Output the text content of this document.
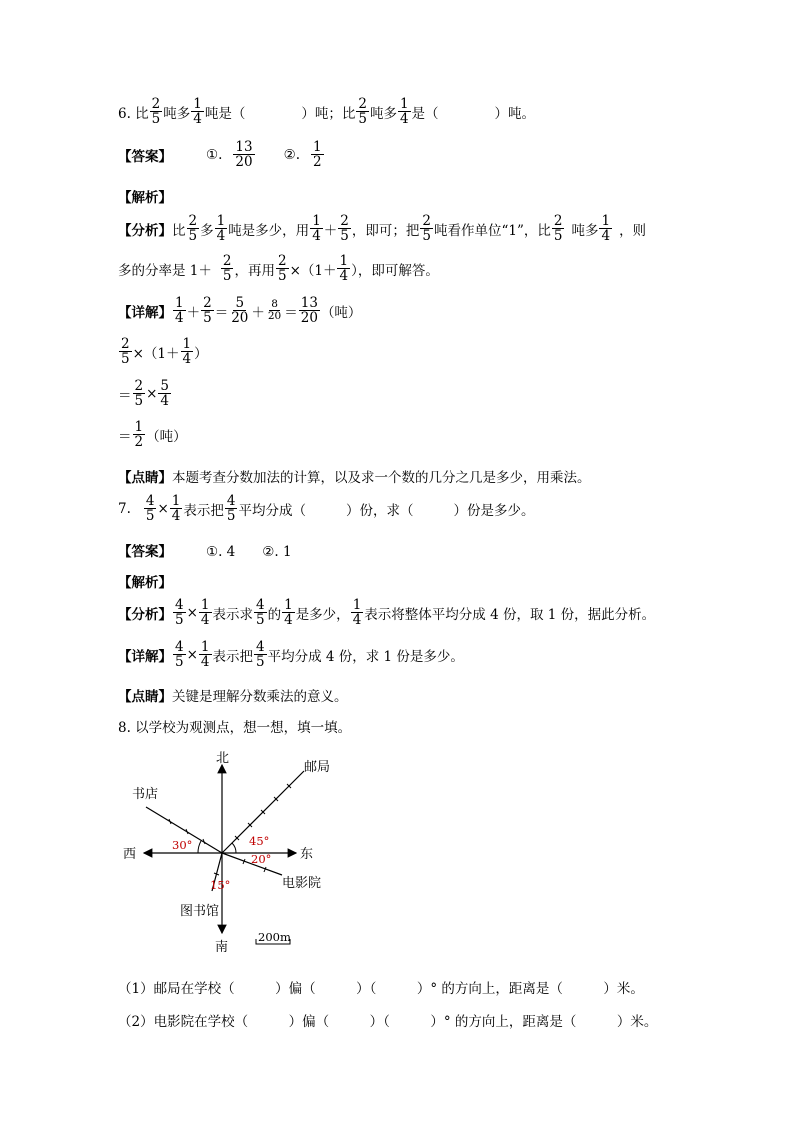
6. 比 $\frac{2}{5}$ 吨多 $\frac{1}{4}$ 吨是（	）吨；比 $\frac{2}{5}$ 吨多 $\frac{1}{4}$ 是（	）吨。
【答案】	①. $\frac{13}{20}$ ②. $\frac{1}{2}$
【解析】
【分析】 比 $\frac{2}{5}$ 多 $\frac{1}{4}$ 吨是多少，用 $\frac{1}{4} + \frac{2}{5}$ ，即可；把 $\frac{2}{5}$ 吨看作单位“1”，比 $\frac{2}{5}$ 吨多 $\frac{1}{4}$ ，则
多的分率是 $1+ \frac{2}{5}$ ，再用 $\frac{2}{5} \times(1+ \frac{1}{4}$ ），即可解答。
【详解】 $\frac{1}{4} + \frac{2}{5} = \frac{5}{20} + \frac{8}{20} = \frac{13}{20}$ （吨）
$\frac{2}{5} \times(1+ \frac{1}{4}$ ）
＝ $\frac{2}{5} \times \frac{5}{4}$
＝ $\frac{1}{2}$ （吨）
【点睛】 本题考查分数加法的计算，以及求一个数的几分之几是多少，用乘法。
7. $\frac{4}{5} \times \frac{1}{4}$ 表示把 $\frac{4}{5}$ 平均分成（	）份，求（	）份是多少。
【答案】	①. 4　　②. 1
【解析】
【分析】 $\frac{4}{5} \times \frac{1}{4}$ 表示求 $\frac{4}{5}$ 的 $\frac{1}{4}$ 是多少， $\frac{1}{4}$ 表示将整体平均分成 4 份，取 1 份，据此分析。
【详解】 $\frac{4}{5} \times \frac{1}{4}$ 表示把 $\frac{4}{5}$ 平均分成 4 份，求 1 份是多少。
【点睛】 关键是理解分数乘法的意义。
8. 以学校为观测点，想一想，填一填。
北
南
西	东
邮局
书店
电影院
图书馆
30°	45°
20°
15°
200m
（1）邮局在学校（　　　）偏（　　　）（　　　）° 的方向上，距离是（　　　）米。
（2）电影院在学校（　　　）偏（　　　）（　　　）° 的方向上，距离是（　　　）米。
